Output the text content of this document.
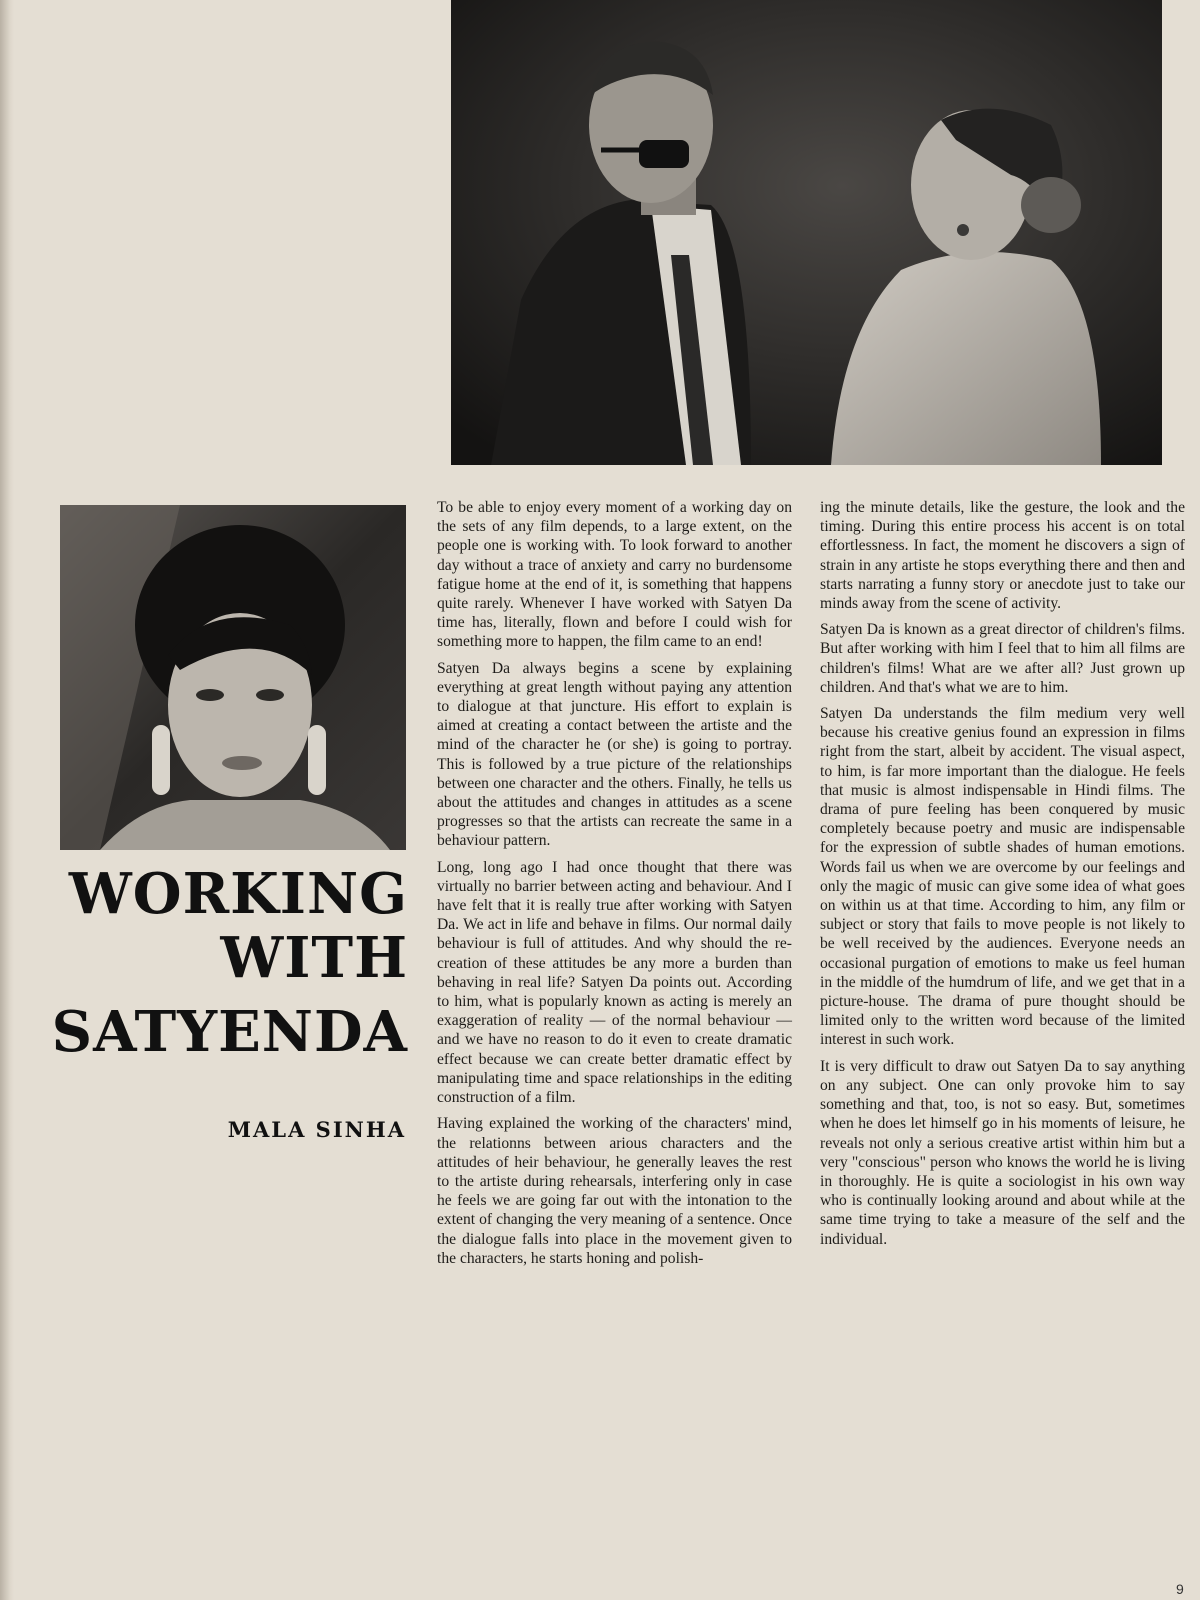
WORKING
WITH
SATYENDA
MALA SINHA

To be able to enjoy every moment of a working day on the sets of any film depends, to a large extent, on the people one is working with. To look forward to another day without a trace of anxiety and carry no burdensome fatigue home at the end of it, is something that happens quite rarely. Whenever I have worked with Satyen Da time has, literally, flown and before I could wish for something more to happen, the film came to an end!

Satyen Da always begins a scene by explaining everything at great length without paying any attention to dialogue at that juncture. His effort to explain is aimed at creating a contact between the artiste and the mind of the character he (or she) is going to portray. This is followed by a true picture of the relationships between one character and the others. Finally, he tells us about the attitudes and changes in attitudes as a scene progresses so that the artists can recreate the same in a behaviour pattern.

Long, long ago I had once thought that there was virtually no barrier between acting and behaviour. And I have felt that it is really true after working with Satyen Da. We act in life and behave in films. Our normal daily behaviour is full of attitudes. And why should the re-creation of these attitudes be any more a burden than behaving in real life? Satyen Da points out. According to him, what is popularly known as acting is merely an exaggeration of reality — of the normal behaviour — and we have no reason to do it even to create dramatic effect because we can create better dramatic effect by manipulating time and space relationships in the editing construction of a film.

Having explained the working of the characters' mind, the relationns between arious characters and the attitudes of heir behaviour, he generally leaves the rest to the artiste during rehearsals, interfering only in case he feels we are going far out with the intonation to the extent of changing the very meaning of a sentence. Once the dialogue falls into place in the movement given to the characters, he starts honing and polish-

ing the minute details, like the gesture, the look and the timing. During this entire process his accent is on total effortlessness. In fact, the moment he discovers a sign of strain in any artiste he stops everything there and then and starts narrating a funny story or anecdote just to take our minds away from the scene of activity.

Satyen Da is known as a great director of children's films. But after working with him I feel that to him all films are children's films! What are we after all? Just grown up children. And that's what we are to him.

Satyen Da understands the film medium very well because his creative genius found an expression in films right from the start, albeit by accident. The visual aspect, to him, is far more important than the dialogue. He feels that music is almost indispensable in Hindi films. The drama of pure feeling has been conquered by music completely because poetry and music are indispensable for the expression of subtle shades of human emotions. Words fail us when we are overcome by our feelings and only the magic of music can give some idea of what goes on within us at that time. According to him, any film or subject or story that fails to move people is not likely to be well received by the audiences. Everyone needs an occasional purgation of emotions to make us feel human in the middle of the humdrum of life, and we get that in a picture-house. The drama of pure thought should be limited only to the written word because of the limited interest in such work.

It is very difficult to draw out Satyen Da to say anything on any subject. One can only provoke him to say something and that, too, is not so easy. But, sometimes when he does let himself go in his moments of leisure, he reveals not only a serious creative artist within him but a very "conscious" person who knows the world he is living in thoroughly. He is quite a sociologist in his own way who is continually looking around and about while at the same time trying to take a measure of the self and the individual.

9
